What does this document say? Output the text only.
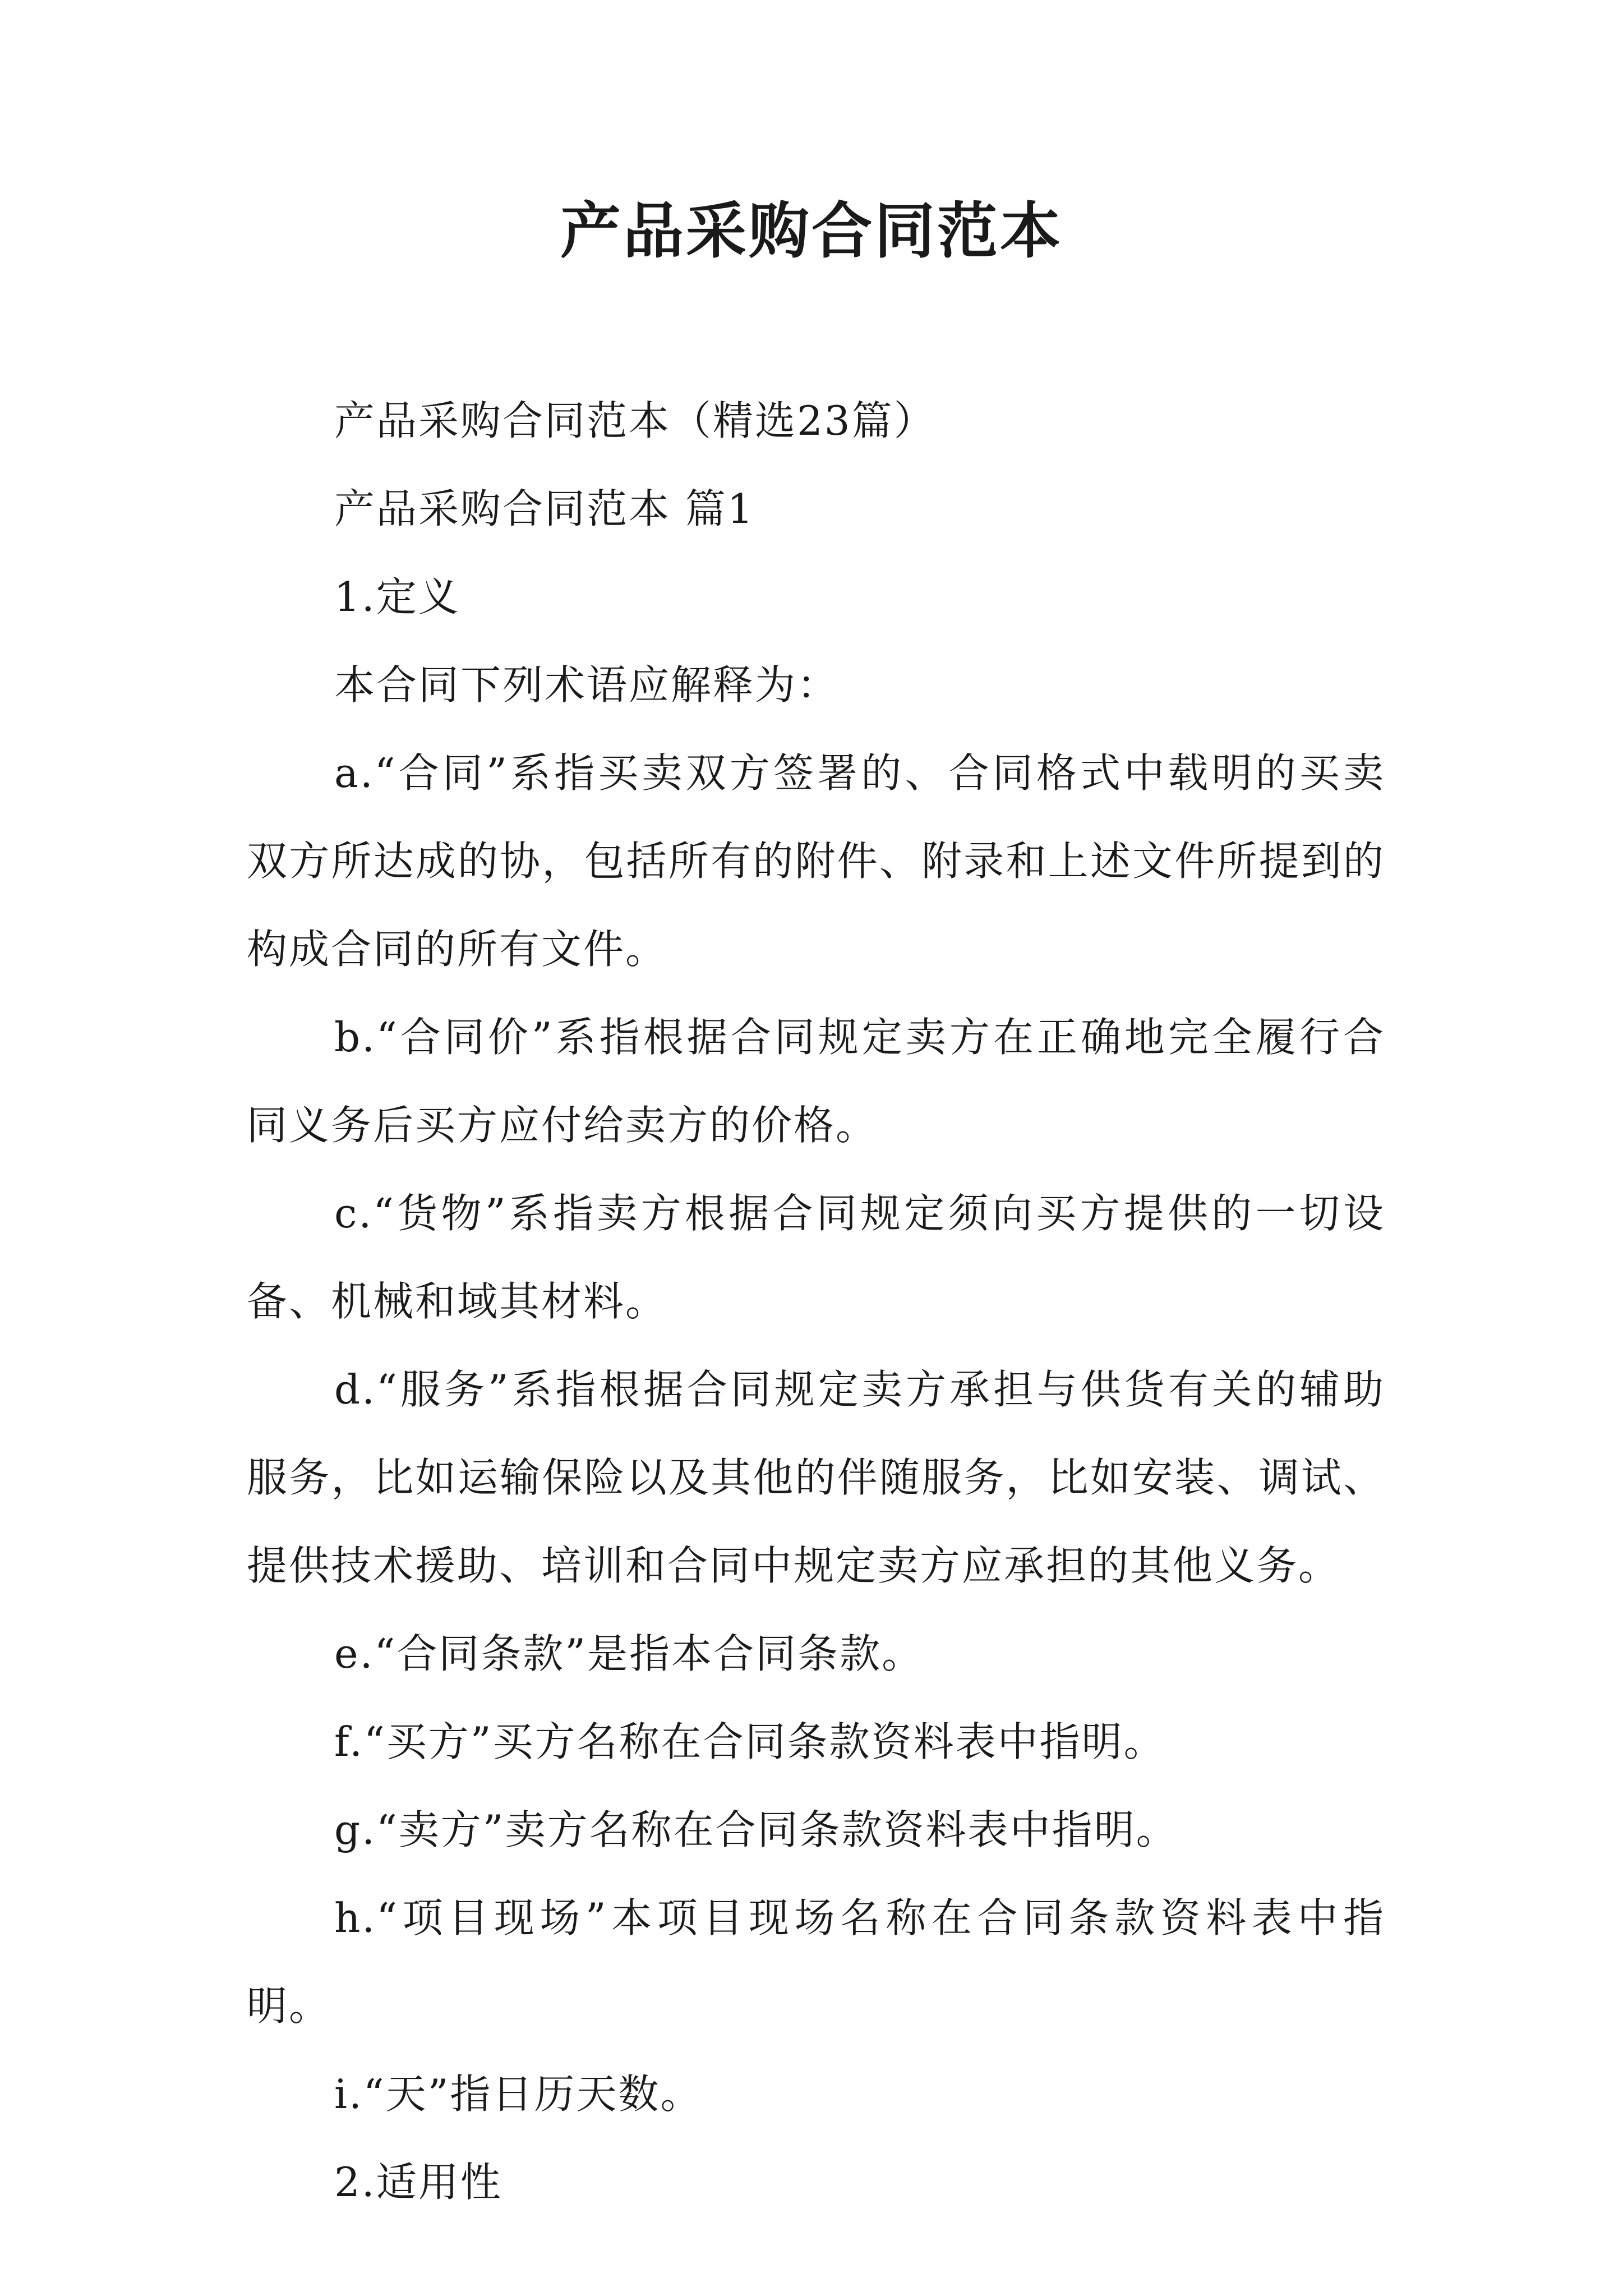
产品采购合同范本

产品采购合同范本（精选23篇）

产品采购合同范本 篇1

1.定义

本合同下列术语应解释为：

a.“合同”系指买卖双方签署的、合同格式中载明的买卖双方所达成的协，包括所有的附件、附录和上述文件所提到的构成合同的所有文件。

b.“合同价”系指根据合同规定卖方在正确地完全履行合同义务后买方应付给卖方的价格。

c.“货物”系指卖方根据合同规定须向买方提供的一切设备、机械和域其材料。

d.“服务”系指根据合同规定卖方承担与供货有关的辅助服务，比如运输保险以及其他的伴随服务，比如安装、调试、提供技术援助、培训和合同中规定卖方应承担的其他义务。

e.“合同条款”是指本合同条款。

f.“买方”买方名称在合同条款资料表中指明。

g.“卖方”卖方名称在合同条款资料表中指明。

h.“项目现场”本项目现场名称在合同条款资料表中指明。

i.“天”指日历天数。

2.适用性
